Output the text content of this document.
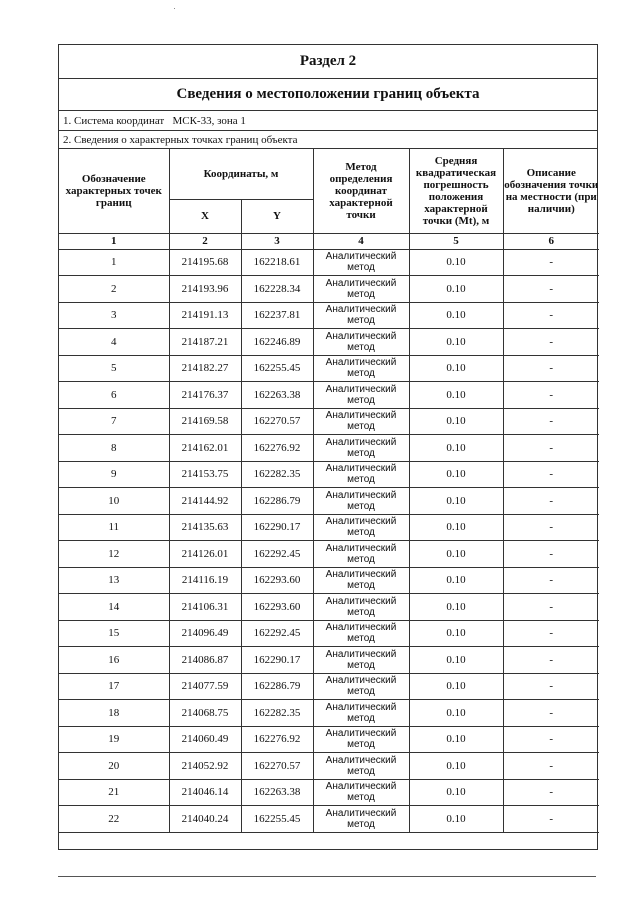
Раздел 2
Сведения о местоположении границ объекта
1. Система координат   МСК-33, зона 1
2. Сведения о характерных точках границ объекта
Обозначение характерных точек границ	Координаты, м		Метод определения координат характерной точки	Средняя квадратическая погрешность положения характерной точки (Mt), м	Описание обозначения точки на местности (при наличии)
	X	Y			
1	2	3	4	5	6
1	214195.68	162218.61	Аналитический метод	0.10	-
2	214193.96	162228.34	Аналитический метод	0.10	-
3	214191.13	162237.81	Аналитический метод	0.10	-
4	214187.21	162246.89	Аналитический метод	0.10	-
5	214182.27	162255.45	Аналитический метод	0.10	-
6	214176.37	162263.38	Аналитический метод	0.10	-
7	214169.58	162270.57	Аналитический метод	0.10	-
8	214162.01	162276.92	Аналитический метод	0.10	-
9	214153.75	162282.35	Аналитический метод	0.10	-
10	214144.92	162286.79	Аналитический метод	0.10	-
11	214135.63	162290.17	Аналитический метод	0.10	-
12	214126.01	162292.45	Аналитический метод	0.10	-
13	214116.19	162293.60	Аналитический метод	0.10	-
14	214106.31	162293.60	Аналитический метод	0.10	-
15	214096.49	162292.45	Аналитический метод	0.10	-
16	214086.87	162290.17	Аналитический метод	0.10	-
17	214077.59	162286.79	Аналитический метод	0.10	-
18	214068.75	162282.35	Аналитический метод	0.10	-
19	214060.49	162276.92	Аналитический метод	0.10	-
20	214052.92	162270.57	Аналитический метод	0.10	-
21	214046.14	162263.38	Аналитический метод	0.10	-
22	214040.24	162255.45	Аналитический метод	0.10	-
